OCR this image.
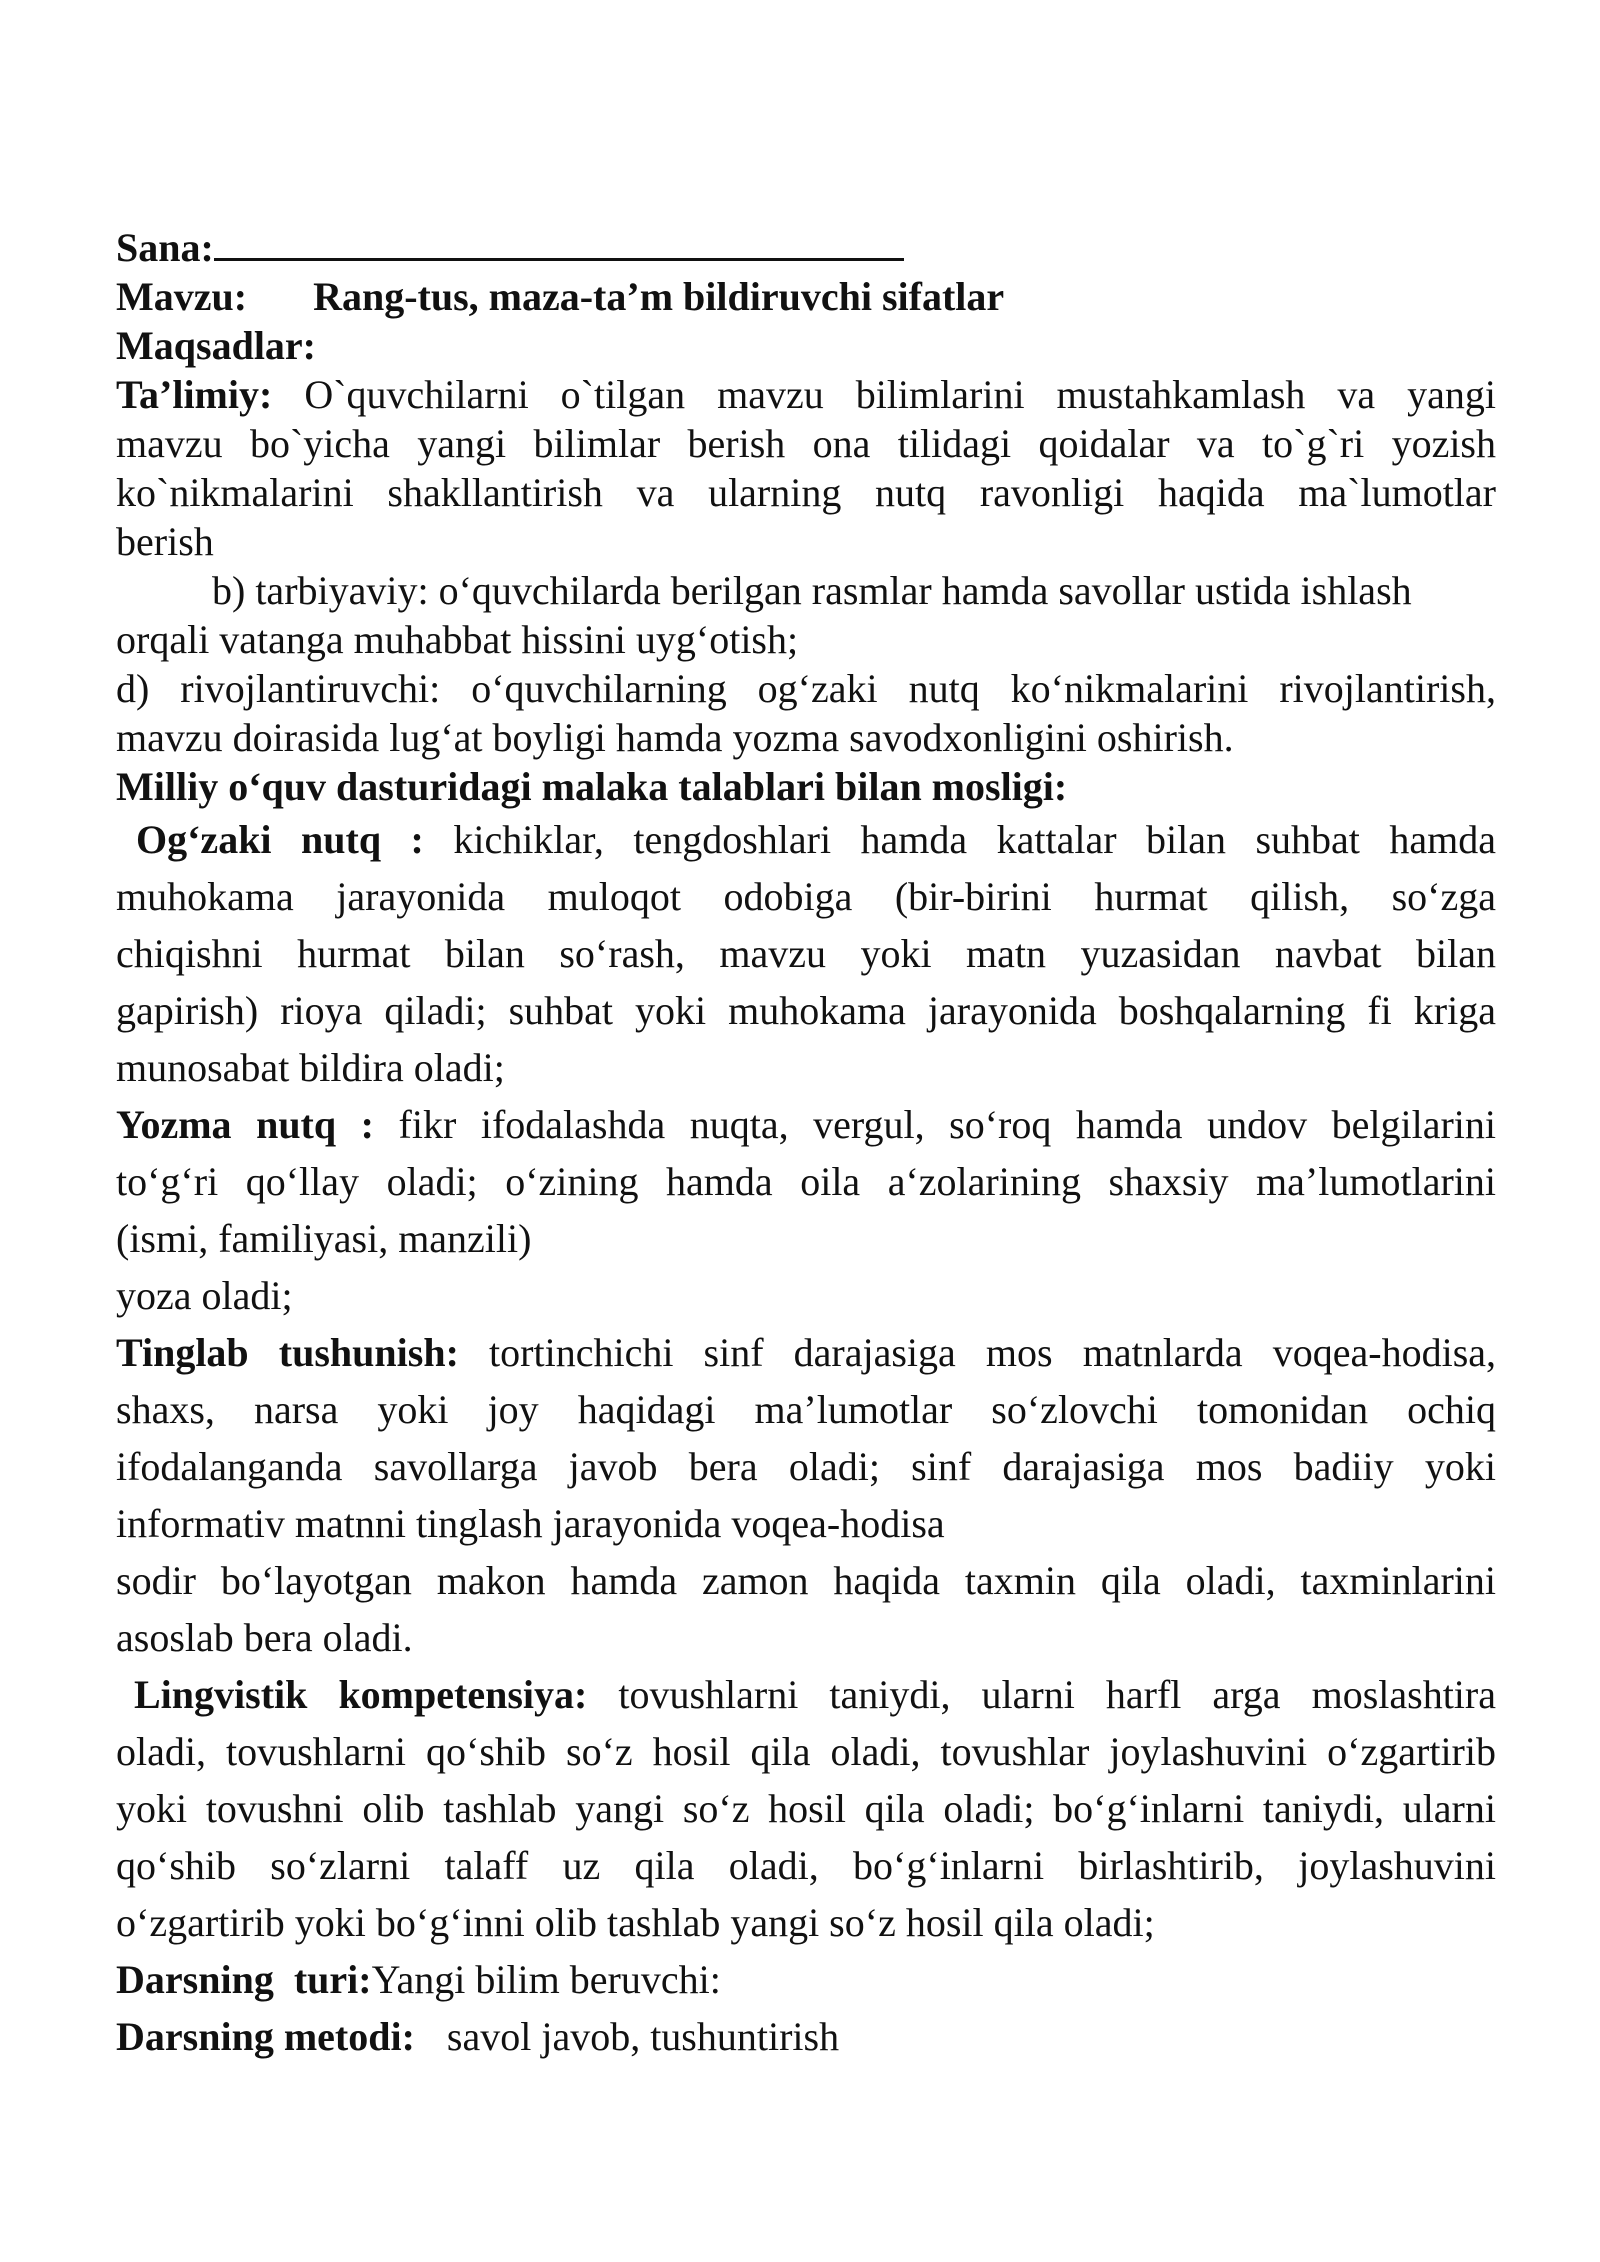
Sana:
Mavzu: Rang-tus, maza-ta’m bildiruvchi sifatlar
Maqsadlar:
Ta’limiy: O`quvchilarni o`tilgan mavzu bilimlarini mustahkamlash va yangi
mavzu bo`yicha yangi bilimlar berish ona tilidagi qoidalar va to`g`ri yozish
ko`nikmalarini shakllantirish va ularning nutq ravonligi haqida ma`lumotlar
berish
b) tarbiyaviy: o‘quvchilarda berilgan rasmlar hamda savollar ustida ishlash
orqali vatanga muhabbat hissini uyg‘otish;
d) rivojlantiruvchi: o‘quvchilarning og‘zaki nutq ko‘nikmalarini rivojlantirish,
mavzu doirasida lug‘at boyligi hamda yozma savodxonligini oshirish.
Milliy o‘quv dasturidagi malaka talablari bilan mosligi:
Og‘zaki nutq : kichiklar, tengdoshlari hamda kattalar bilan suhbat hamda
muhokama jarayonida muloqot odobiga (bir-birini hurmat qilish, so‘zga
chiqishni hurmat bilan so‘rash, mavzu yoki matn yuzasidan navbat bilan
gapirish) rioya qiladi; suhbat yoki muhokama jarayonida boshqalarning fi kriga
munosabat bildira oladi;
Yozma nutq : fikr ifodalashda nuqta, vergul, so‘roq hamda undov belgilarini
to‘g‘ri qo‘llay oladi; o‘zining hamda oila a‘zolarining shaxsiy ma’lumotlarini
(ismi, familiyasi, manzili)
yoza oladi;
Tinglab tushunish: tortinchichi sinf darajasiga mos matnlarda voqea-hodisa,
shaxs, narsa yoki joy haqidagi ma’lumotlar so‘zlovchi tomonidan ochiq
ifodalanganda savollarga javob bera oladi; sinf darajasiga mos badiiy yoki
informativ matnni tinglash jarayonida voqea-hodisa
sodir bo‘layotgan makon hamda zamon haqida taxmin qila oladi, taxminlarini
asoslab bera oladi.
Lingvistik kompetensiya: tovushlarni taniydi, ularni harfl arga moslashtira
oladi, tovushlarni qo‘shib so‘z hosil qila oladi, tovushlar joylashuvini o‘zgartirib
yoki tovushni olib tashlab yangi so‘z hosil qila oladi; bo‘g‘inlarni taniydi, ularni
qo‘shib so‘zlarni talaff uz qila oladi, bo‘g‘inlarni birlashtirib, joylashuvini
o‘zgartirib yoki bo‘g‘inni olib tashlab yangi so‘z hosil qila oladi;
Darsning  turi:Yangi bilim beruvchi:
Darsning metodi: savol javob, tushuntirish
